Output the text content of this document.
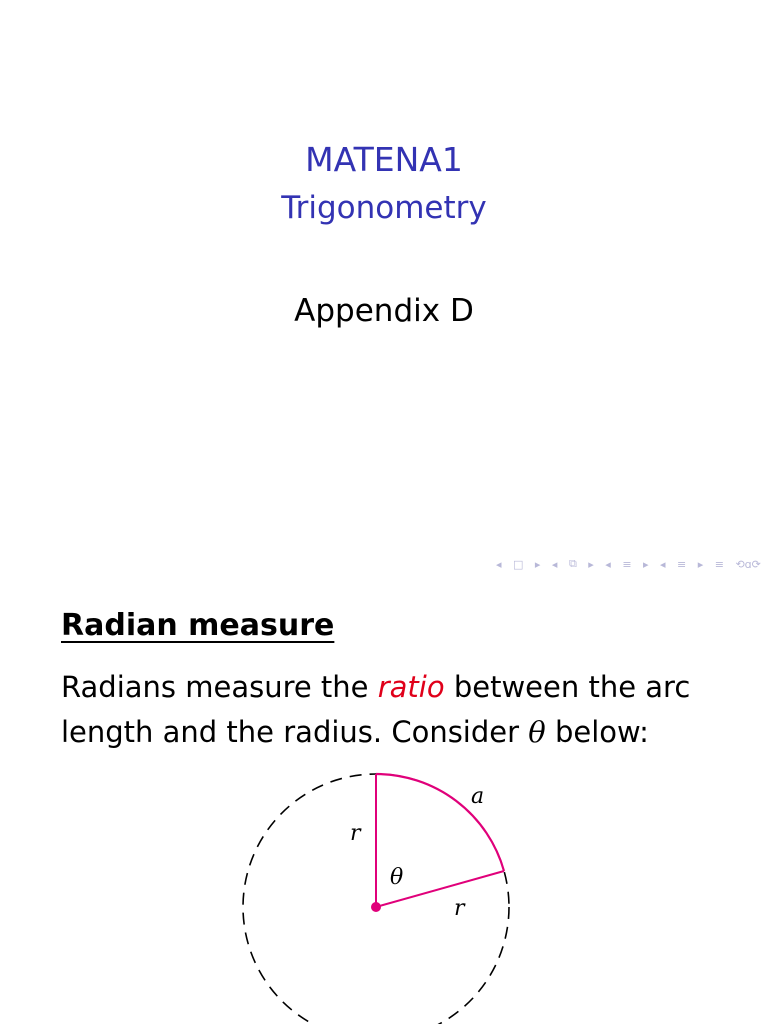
MATENA1
Trigonometry
Appendix D
◂ □ ▸ ◂ ⧉ ▸ ◂ ≡ ▸ ◂ ≡ ▸ ≡ ⟲ɑ⟳
Radian measure

Radians measure the ratio between the arc length and the radius. Consider θ below:

a
r
θ
r
